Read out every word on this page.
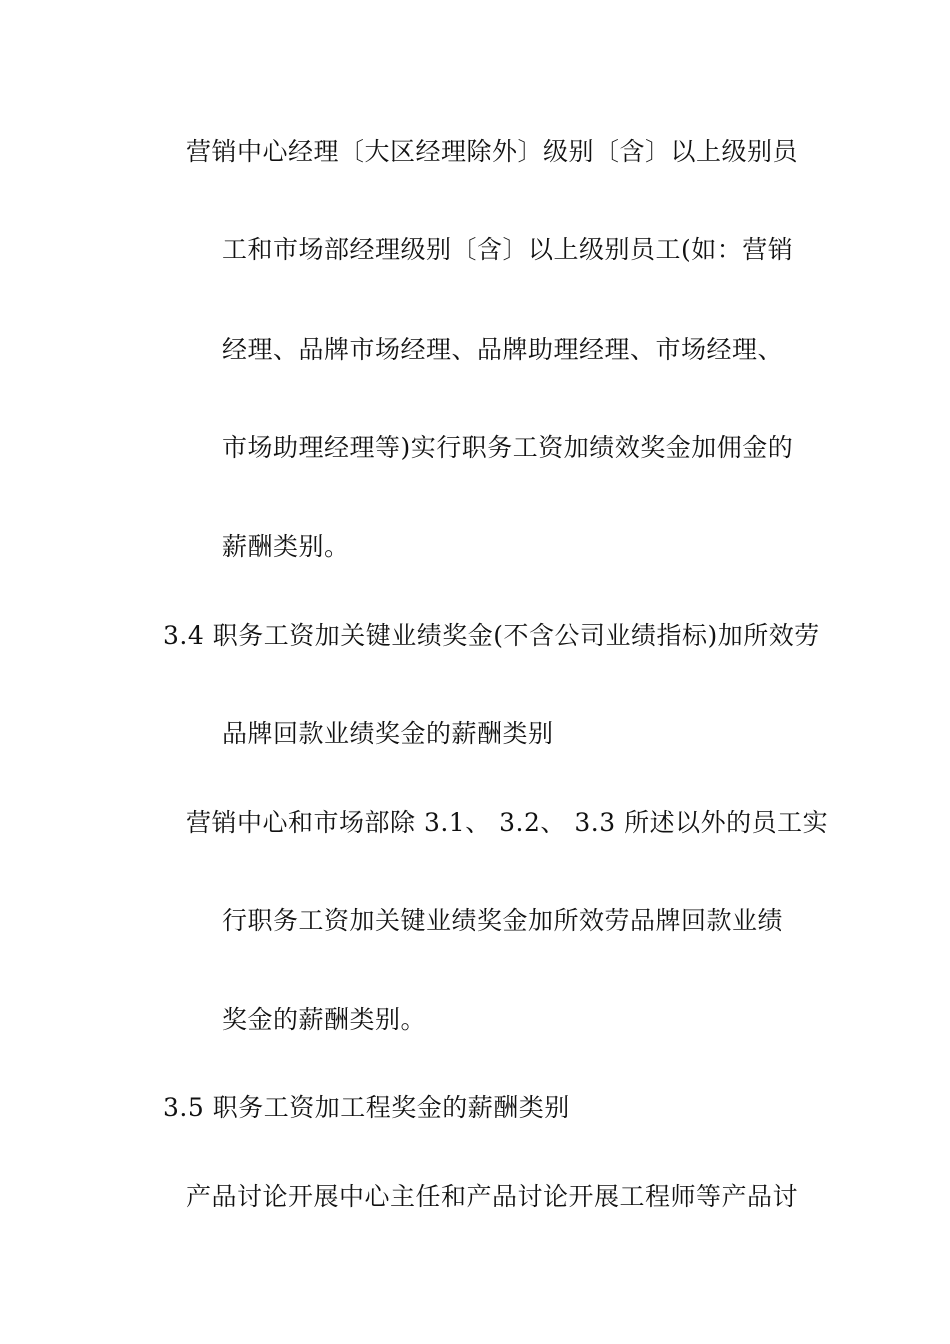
营销中心经理〔大区经理除外〕级别〔含〕以上级别员
工和市场部经理级别〔含〕以上级别员工(如：营销
经理、品牌市场经理、品牌助理经理、市场经理、
市场助理经理等)实行职务工资加绩效奖金加佣金的
薪酬类别。
3.4 职务工资加关键业绩奖金(不含公司业绩指标)加所效劳
品牌回款业绩奖金的薪酬类别
营销中心和市场部除 3.1、 3.2、 3.3 所述以外的员工实
行职务工资加关键业绩奖金加所效劳品牌回款业绩
奖金的薪酬类别。
3.5 职务工资加工程奖金的薪酬类别
产品讨论开展中心主任和产品讨论开展工程师等产品讨
